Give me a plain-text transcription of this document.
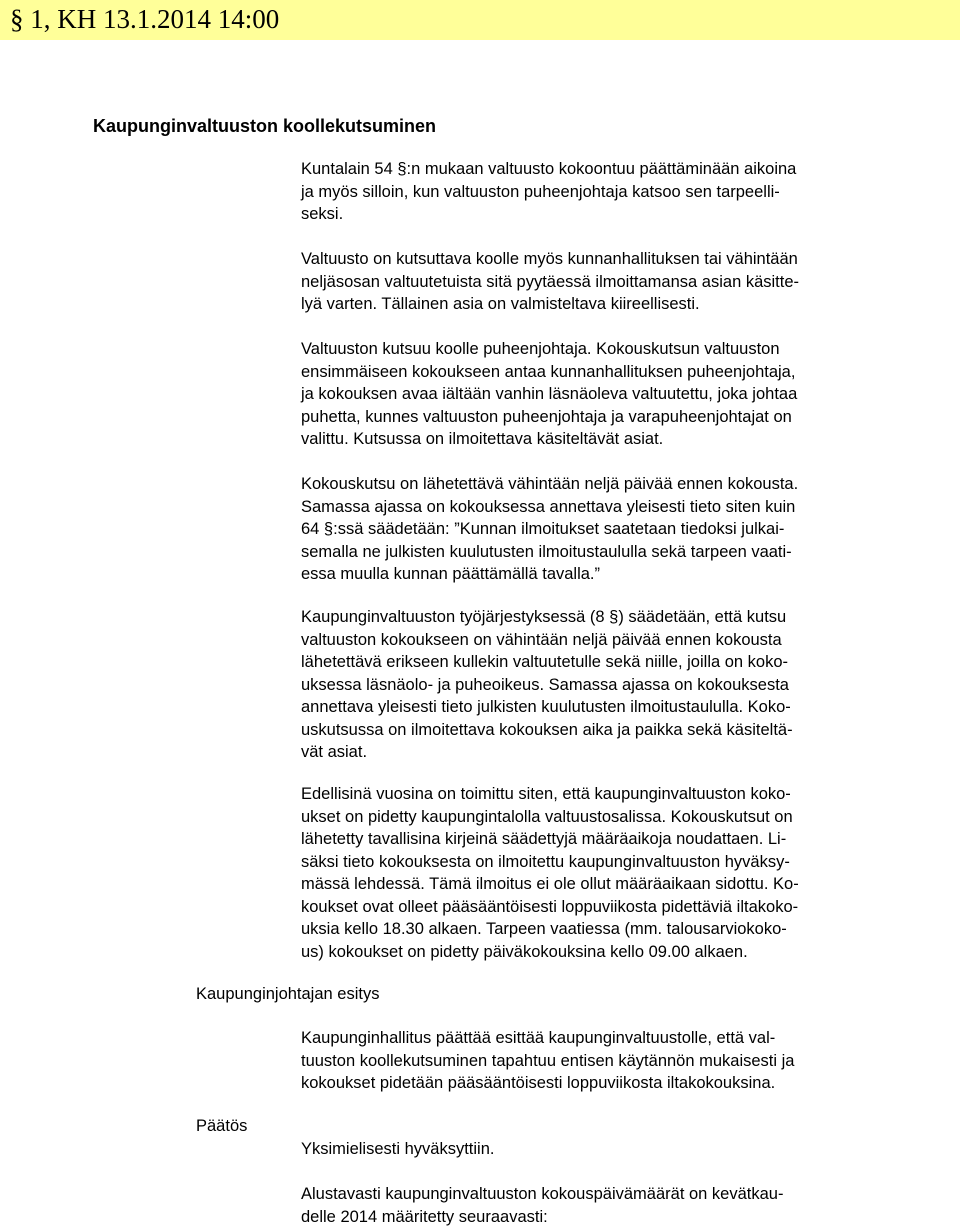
§ 1, KH 13.1.2014 14:00
Kaupunginvaltuuston koollekutsuminen
Kuntalain 54 §:n mukaan valtuusto kokoontuu päättäminään aikoina
ja myös silloin, kun valtuuston puheenjohtaja katsoo sen tarpeelli-
seksi.
Valtuusto on kutsuttava koolle myös kunnanhallituksen tai vähintään
neljäsosan valtuutetuista sitä pyytäessä ilmoittamansa asian käsitte-
lyä varten. Tällainen asia on valmisteltava kiireellisesti.
Valtuuston kutsuu koolle puheenjohtaja. Kokouskutsun valtuuston
ensimmäiseen kokoukseen antaa kunnanhallituksen puheenjohtaja,
ja kokouksen avaa iältään vanhin läsnäoleva valtuutettu, joka johtaa
puhetta, kunnes valtuuston puheenjohtaja ja varapuheenjohtajat on
valittu. Kutsussa on ilmoitettava käsiteltävät asiat.
Kokouskutsu on lähetettävä vähintään neljä päivää ennen kokousta.
Samassa ajassa on kokouksessa annettava yleisesti tieto siten kuin
64 §:ssä säädetään: ”Kunnan ilmoitukset saatetaan tiedoksi julkai-
semalla ne julkisten kuulutusten ilmoitustaululla sekä tarpeen vaati-
essa muulla kunnan päättämällä tavalla.”
Kaupunginvaltuuston työjärjestyksessä (8 §) säädetään, että kutsu
valtuuston kokoukseen on vähintään neljä päivää ennen kokousta
lähetettävä erikseen kullekin valtuutetulle sekä niille, joilla on koko-
uksessa läsnäolo- ja puheoikeus. Samassa ajassa on kokouksesta
annettava yleisesti tieto julkisten kuulutusten ilmoitustaululla. Koko-
uskutsussa on ilmoitettava kokouksen aika ja paikka sekä käsiteltä-
vät asiat.
Edellisinä vuosina on toimittu siten, että kaupunginvaltuuston koko-
ukset on pidetty kaupungintalolla valtuustosalissa. Kokouskutsut on
lähetetty tavallisina kirjeinä säädettyjä määräaikoja noudattaen. Li-
säksi tieto kokouksesta on ilmoitettu kaupunginvaltuuston hyväksy-
mässä lehdessä. Tämä ilmoitus ei ole ollut määräaikaan sidottu. Ko-
koukset ovat olleet pääsääntöisesti loppuviikosta pidettäviä iltakoko-
uksia kello 18.30 alkaen. Tarpeen vaatiessa (mm. talousarviokoko-
us) kokoukset on pidetty päiväkokouksina kello 09.00 alkaen.
Kaupunginhallitus päättää esittää kaupunginvaltuustolle, että val-
tuuston koollekutsuminen tapahtuu entisen käytännön mukaisesti ja
kokoukset pidetään pääsääntöisesti loppuviikosta iltakokouksina.
Yksimielisesti hyväksyttiin.
Alustavasti kaupunginvaltuuston kokouspäivämäärät on kevätkau-
delle 2014 määritetty seuraavasti:
Kaupunginjohtajan esitys
Päätös
